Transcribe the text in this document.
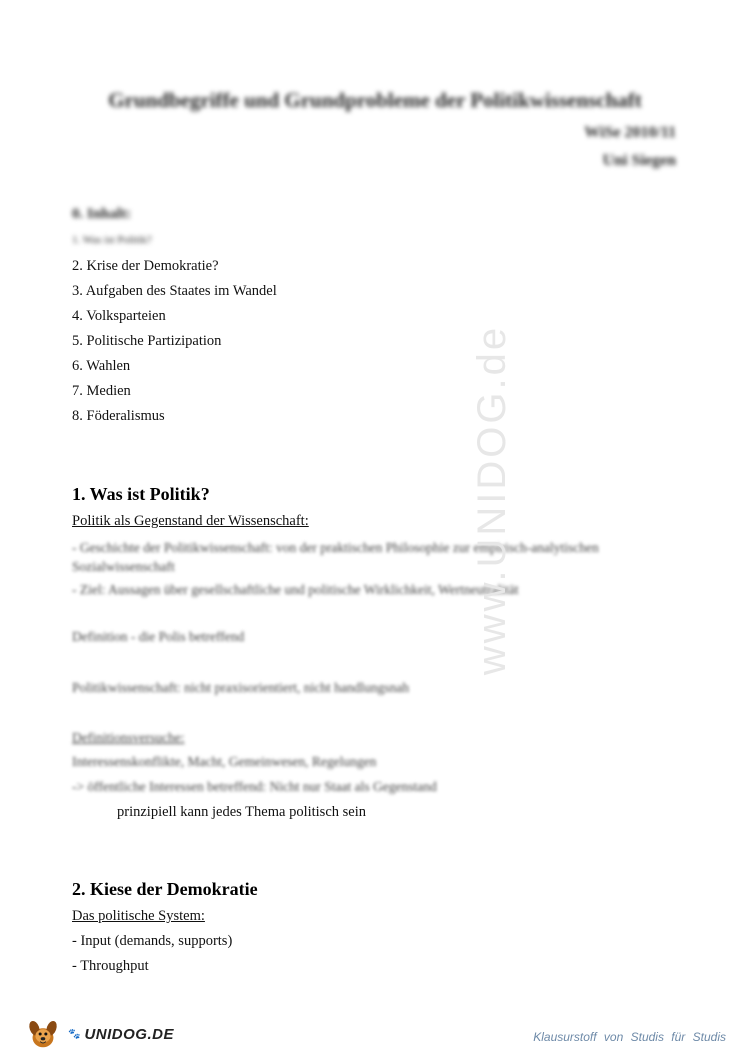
Grundbegriffe und Grundprobleme der Politikwissenschaft
WiSe 2010/11
Uni Siegen
0. Inhalt:
1. Was ist Politik?
2. Krise der Demokratie?
3. Aufgaben des Staates im Wandel
4. Volksparteien
5. Politische Partizipation
6. Wahlen
7. Medien
8. Föderalismus
1. Was ist Politik?
Politik als Gegenstand der Wissenschaft:
- Geschichte der Politikwissenschaft: von der praktischen Philosophie zur empirisch-analytischen Sozialwissenschaft
- Ziel: Aussagen über gesellschaftliche und politische Wirklichkeit, Wertneutralität
Definition - die Polis betreffend
Politikwissenschaft: nicht praxisorientiert, nicht handlungsnah
Definitionsversuche:
Interessenskonflikte, Macht, Gemeinwesen, Regelungen
-> öffentliche Interessen betreffend: Nicht nur Staat als Gegenstand
prinzipiell kann jedes Thema politisch sein
2. Kiese der Demokratie
Das politische System:
- Input (demands, supports)
- Throughput
www.UNIDOG.de
🐾 UNIDOG.DE	Klausurstoff von Studis für Studis
